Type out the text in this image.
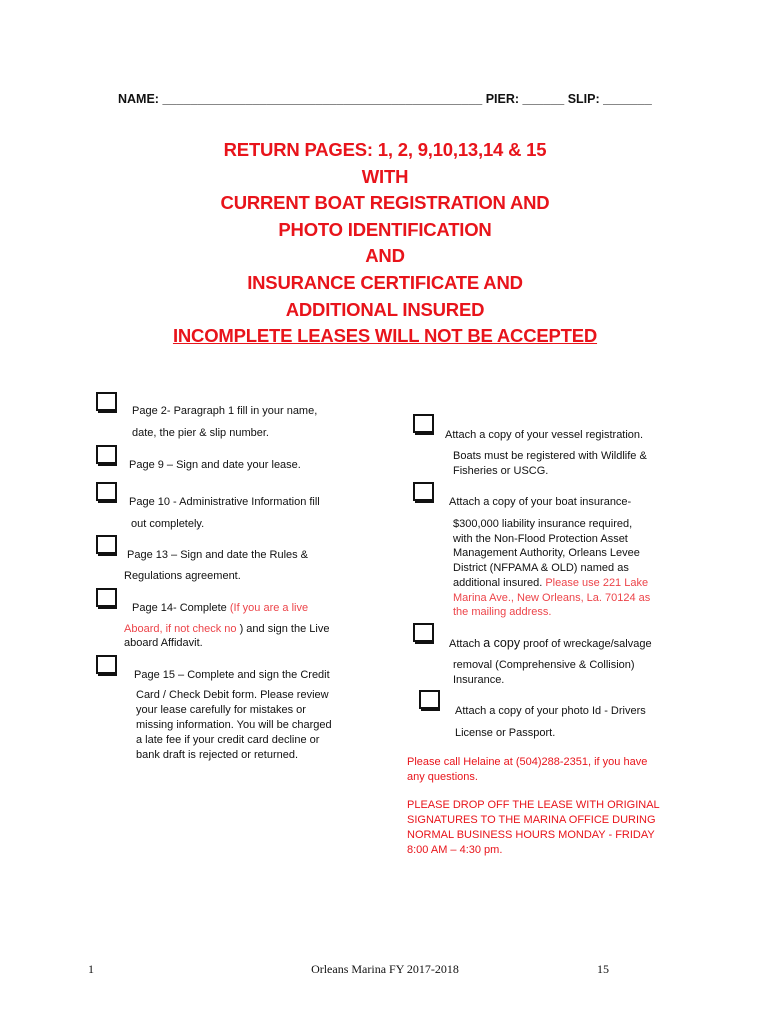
NAME: ______________________________________________ PIER: ______ SLIP: _______
RETURN PAGES: 1, 2, 9,10,13,14 & 15
WITH
CURRENT BOAT REGISTRATION AND
PHOTO IDENTIFICATION
AND
INSURANCE CERTIFICATE AND
ADDITIONAL INSURED
INCOMPLETE LEASES WILL NOT BE ACCEPTED
Page 2- Paragraph 1 fill in your name,
date, the pier & slip number.
Page 9 – Sign and date your lease.
Page 10 - Administrative Information fill
out completely.
Page 13 – Sign and date the Rules &
Regulations agreement.
Page 14- Complete (If you are a live
Aboard, if not check no ) and sign the Live
aboard Affidavit.
Page 15 – Complete and sign the Credit
Card / Check Debit form. Please review
your lease carefully for mistakes or
missing information. You will be charged
a late fee if your credit card decline or
bank draft is rejected or returned.
Attach a copy of your vessel registration.
Boats must be registered with Wildlife &
Fisheries or USCG.
Attach a copy of your boat insurance-
$300,000 liability insurance required,
with the Non-Flood Protection Asset
Management Authority, Orleans Levee
District (NFPAMA & OLD) named as
additional insured. Please use 221 Lake
Marina Ave., New Orleans, La. 70124 as
the mailing address.
Attach a copy proof of wreckage/salvage
removal (Comprehensive & Collision)
Insurance.
Attach a copy of your photo Id - Drivers
License or Passport.
Please call Helaine at (504)288-2351, if you have
any questions.
PLEASE DROP OFF THE LEASE WITH ORIGINAL
SIGNATURES TO THE MARINA OFFICE DURING
NORMAL BUSINESS HOURS MONDAY - FRIDAY
8:00 AM – 4:30 pm.
1	Orleans Marina FY 2017-2018	15
